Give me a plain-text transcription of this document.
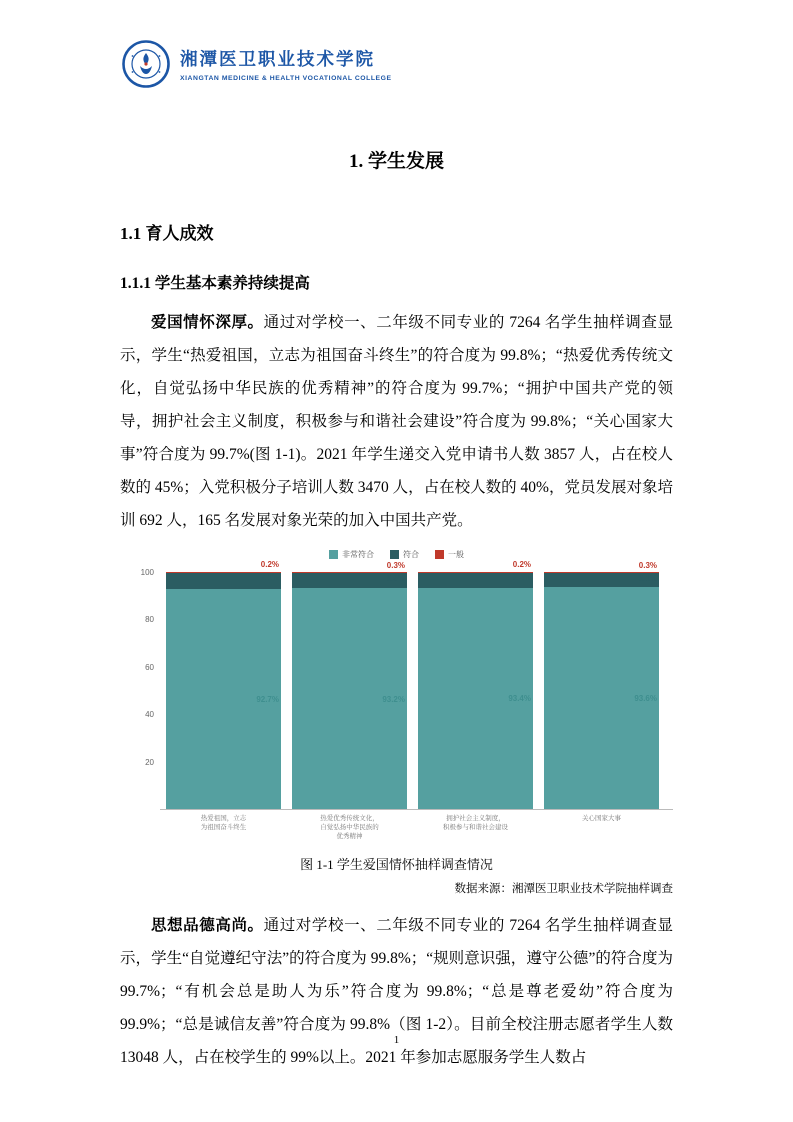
湘潭医卫职业技术学院
XIANGTAN MEDICINE & HEALTH VOCATIONAL COLLEGE
1. 学生发展
1.1 育人成效
1.1.1 学生基本素养持续提高

爱国情怀深厚。通过对学校一、二年级不同专业的 7264 名学生抽样调查显示，学生“热爱祖国，立志为祖国奋斗终生”的符合度为 99.8%；“热爱优秀传统文化，自觉弘扬中华民族的优秀精神”的符合度为 99.7%；“拥护中国共产党的领导，拥护社会主义制度，积极参与和谐社会建设”符合度为 99.8%；“关心国家大事”符合度为 99.7%(图 1-1)。2021 年学生递交入党申请书人数 3857 人，占在校人数的 45%；入党积极分子培训人数 3470 人，占在校人数的 40%，党员发展对象培训 692 人，165 名发展对象光荣的加入中国共产党。

非常符合	符合	一般
20
40
60
80
100
0.2%
7.1%
92.7%
热爱祖国，立志
为祖国奋斗终生
0.3%
6.5%
93.2%
热爱优秀传统文化，
自觉弘扬中华民族的
优秀精神
0.2%
6.4%
93.4%
拥护社会主义制度，
积极参与和谐社会建设
0.3%
6.1%
93.6%
关心国家大事
图 1-1 学生爱国情怀抽样调查情况
数据来源：湘潭医卫职业技术学院抽样调查

思想品德高尚。通过对学校一、二年级不同专业的 7264 名学生抽样调查显示，学生“自觉遵纪守法”的符合度为 99.8%；“规则意识强，遵守公德”的符合度为 99.7%；“有机会总是助人为乐”符合度为 99.8%；“总是尊老爱幼”符合度为 99.9%；“总是诚信友善”符合度为 99.8%（图 1-2）。目前全校注册志愿者学生人数 13048 人，占在校学生的 99%以上。2021 年参加志愿服务学生人数占

1
